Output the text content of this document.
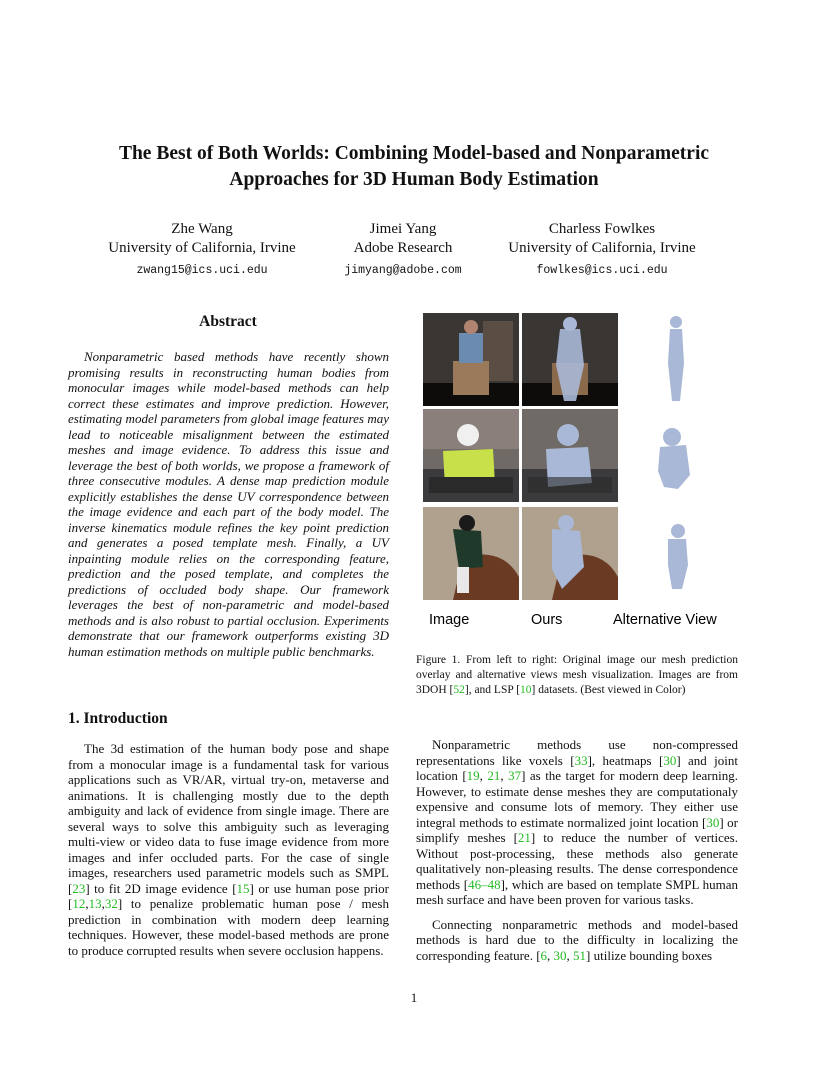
The Best of Both Worlds: Combining Model-based and Nonparametric
Approaches for 3D Human Body Estimation
Zhe Wang
University of California, Irvine
zwang15@ics.uci.edu
Jimei Yang
Adobe Research
jimyang@adobe.com
Charless Fowlkes
University of California, Irvine
fowlkes@ics.uci.edu
Abstract

Nonparametric based methods have recently shown promising results in reconstructing human bodies from monocular images while model-based methods can help correct these estimates and improve prediction. However, estimating model parameters from global image features may lead to noticeable misalignment between the estimated meshes and image evidence. To address this issue and leverage the best of both worlds, we propose a framework of three consecutive modules. A dense map prediction module explicitly establishes the dense UV correspondence between the image evidence and each part of the body model. The inverse kinematics module refines the key point prediction and generates a posed template mesh. Finally, a UV inpainting module relies on the corresponding feature, prediction and the posed template, and completes the predictions of occluded body shape. Our framework leverages the best of non-parametric and model-based methods and is also robust to partial occlusion. Experiments demonstrate that our framework outperforms existing 3D human estimation methods on multiple public benchmarks.

Image	Ours	Alternative View
Figure 1. From left to right: Original image our mesh prediction overlay and alternative views mesh visualization. Images are from 3DOH [52], and LSP [10] datasets. (Best viewed in Color)
1. Introduction

The 3d estimation of the human body pose and shape from a monocular image is a fundamental task for various applications such as VR/AR, virtual try-on, metaverse and animations. It is challenging mostly due to the depth ambiguity and lack of evidence from single image. There are several ways to solve this ambiguity such as leveraging multi-view or video data to fuse image evidence from more images and infer occluded parts. For the case of single images, researchers used parametric models such as SMPL [23] to fit 2D image evidence [15] or use human pose prior [12,13,32] to penalize problematic human pose / mesh prediction in combination with modern deep learning techniques. However, these model-based methods are prone to produce corrupted results when severe occlusion happens.

Nonparametric methods use non-compressed representations like voxels [33], heatmaps [30] and joint location [19, 21, 37] as the target for modern deep learning. However, to estimate dense meshes they are computationaly expensive and consume lots of memory. They either use integral methods to estimate normalized joint location [30] or simplify meshes [21] to reduce the number of vertices. Without post-processing, these methods also generate qualitatively non-pleasing results. The dense correspondence methods [46–48], which are based on template SMPL human mesh surface and have been proven for various tasks.

Connecting nonparametric methods and model-based methods is hard due to the difficulty in localizing the corresponding feature. [6, 30, 51] utilize bounding boxes

1
